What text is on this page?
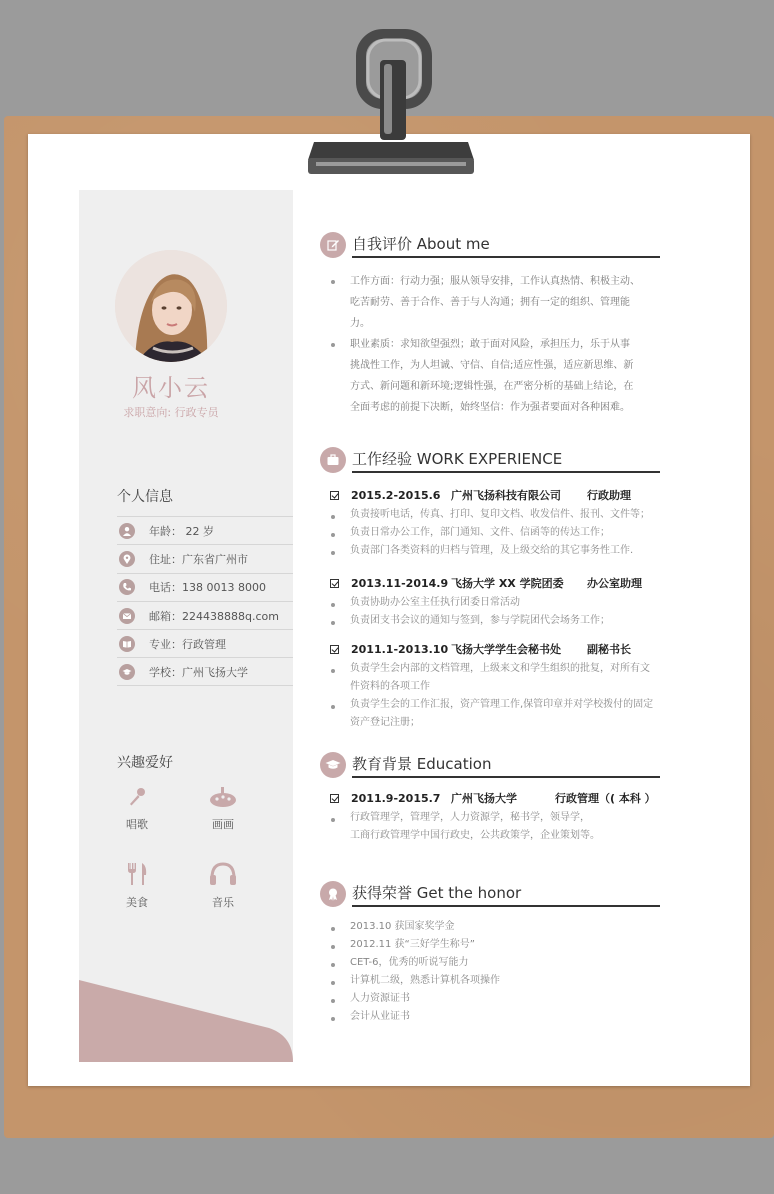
风小云
求职意向: 行政专员
个人信息
年龄： 22 岁
住址：广东省广州市
电话：138 0013 8000
邮箱：224438888q.com
专业：行政管理
学校：广州飞扬大学
兴趣爱好
唱歌	画画
美食	音乐
自我评价 About me
工作方面：行动力强；服从领导安排，工作认真热情、积极主动、
吃苦耐劳、善于合作、善于与人沟通；拥有一定的组织、管理能
力。
职业素质：求知欲望强烈；敢于面对风险，承担压力，乐于从事
挑战性工作，为人坦诚、守信、自信;适应性强，适应新思维、新
方式、新问题和新环境;逻辑性强，在严密分析的基础上结论，在
全面考虑的前提下决断，始终坚信：作为强者要面对各种困难。
工作经验 WORK EXPERIENCE
2015.2-2015.6 广州飞扬科技有限公司	行政助理
负责接听电话，传真、打印、复印文档、收发信件、报刊、文件等；
负责日常办公工作，部门通知、文件、信函等的传达工作；
负责部门各类资料的归档与管理，及上级交给的其它事务性工作.
2013.11-2014.9 飞扬大学 XX 学院团委	办公室助理
负责协助办公室主任执行团委日常活动
负责团支书会议的通知与签到，参与学院团代会场务工作；
2011.1-2013.10 飞扬大学学生会秘书处	副秘书长
负责学生会内部的文档管理，上级来文和学生组织的批复，对所有文
件资料的各项工作
负责学生会的工作汇报，资产管理工作,保管印章并对学校拨付的固定
资产登记注册；
教育背景 Education
2011.9-2015.7 广州飞扬大学	行政管理（( 本科 ）
行政管理学，管理学，人力资源学，秘书学，领导学，
工商行政管理学中国行政史，公共政策学，企业策划等。
获得荣誉 Get the honor
2013.10 获国家奖学金
2012.11 获“三好学生称号”
CET-6，优秀的听说写能力
计算机二级，熟悉计算机各项操作
人力资源证书
会计从业证书
